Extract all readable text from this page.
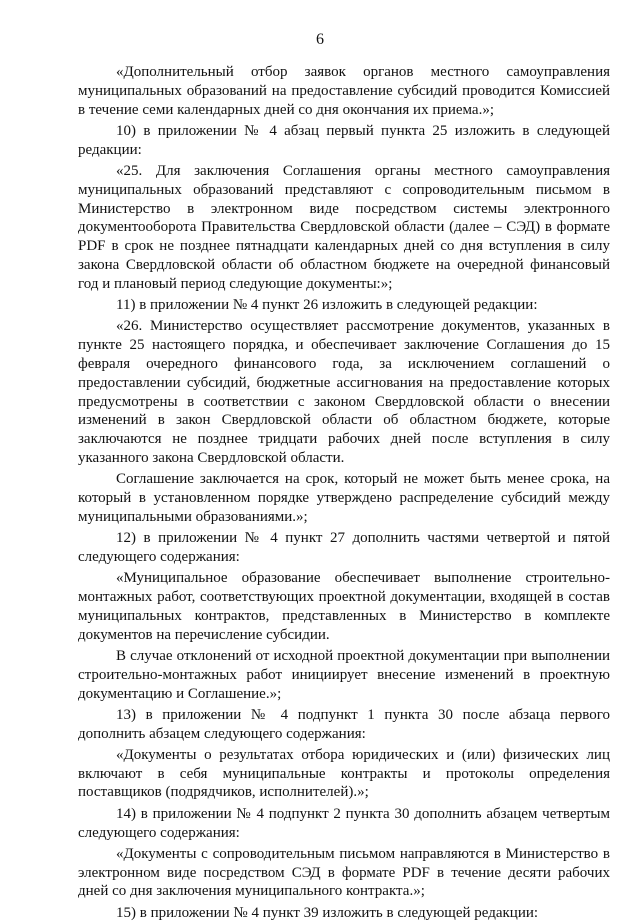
6

«Дополнительный отбор заявок органов местного самоуправления муниципальных образований на предоставление субсидий проводится Комиссией в течение семи календарных дней со дня окончания их приема.»;

10) в приложении № 4 абзац первый пункта 25 изложить в следующей редакции:

«25. Для заключения Соглашения органы местного самоуправления муниципальных образований представляют с сопроводительным письмом в Министерство в электронном виде посредством системы электронного документооборота Правительства Свердловской области (далее – СЭД) в формате PDF в срок не позднее пятнадцати календарных дней со дня вступления в силу закона Свердловской области об областном бюджете на очередной финансовый год и плановый период следующие документы:»;

11) в приложении № 4 пункт 26 изложить в следующей редакции:

«26. Министерство осуществляет рассмотрение документов, указанных в пункте 25 настоящего порядка, и обеспечивает заключение Соглашения до 15 февраля очередного финансового года, за исключением соглашений о предоставлении субсидий, бюджетные ассигнования на предоставление которых предусмотрены в соответствии с законом Свердловской области о внесении изменений в закон Свердловской области об областном бюджете, которые заключаются не позднее тридцати рабочих дней после вступления в силу указанного закона Свердловской области.

Соглашение заключается на срок, который не может быть менее срока, на который в установленном порядке утверждено распределение субсидий между муниципальными образованиями.»;

12) в приложении № 4 пункт 27 дополнить частями четвертой и пятой следующего содержания:

«Муниципальное образование обеспечивает выполнение строительно-монтажных работ, соответствующих проектной документации, входящей в состав муниципальных контрактов, представленных в Министерство в комплекте документов на перечисление субсидии.

В случае отклонений от исходной проектной документации при выполнении строительно-монтажных работ инициирует внесение изменений в проектную документацию и Соглашение.»;

13) в приложении № 4 подпункт 1 пункта 30 после абзаца первого дополнить абзацем следующего содержания:

«Документы о результатах отбора юридических и (или) физических лиц включают в себя муниципальные контракты и протоколы определения поставщиков (подрядчиков, исполнителей).»;

14) в приложении № 4 подпункт 2 пункта 30 дополнить абзацем четвертым следующего содержания:

«Документы с сопроводительным письмом направляются в Министерство в электронном виде посредством СЭД в формате PDF в течение десяти рабочих дней со дня заключения муниципального контракта.»;

15) в приложении № 4 пункт 39 изложить в следующей редакции:
